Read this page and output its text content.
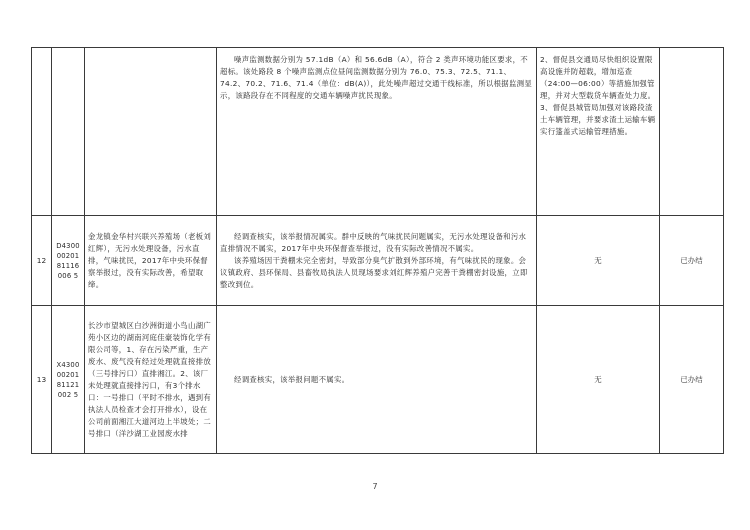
			噪声监测数据分别为 57.1dB（A）和 56.6dB（A），符合 2 类声环境功能区要求，不超标。该处路段 8 个噪声监测点位昼间监测数据分别为 76.0、75.3、72.5、71.1、74.2、70.2、71.6、71.4（单位：dB(A)），此处噪声超过交通干线标准，所以根据监测显示，该路段存在不同程度的交通车辆噪声扰民现象。	2、督促县交通局尽快组织设置限高设施并防超载，增加巡查（24:00—06:00）等措施加强管理，并对大型载货车辆查处力度。3、督促县城管局加强对该路段渣土车辆管理，并要求渣土运输车辆实行篷盖式运输管理措施。	

12	D43000020181116006 5	金龙镇金华村兴联兴养殖场（老板刘红辉），无污水处理设备，污水直排，气味扰民，2017年中央环保督察举报过，没有实际改善，希望取缔。	经调查核实，该举报情况属实。群中反映的气味扰民问题属实，无污水处理设备和污水直排情况不属实，2017年中央环保督查举报过，没有实际改善情况不属实。

该养殖场因干粪棚未完全密封，导致部分臭气扩散到外部环境，有气味扰民的现象。会议镇政府、县环保局、县畜牧局执法人员现场要求刘红辉养殖户完善干粪棚密封设施，立即整改到位。	无	已办结
13	X43000020181121002 5	长沙市望城区白沙洲街道小鸟山湖广苑小区边的湖南河庭佳豪装饰化学有限公司等，1、存在污染严重，生产废水、废气没有经过处理就直接排放（三号排污口）直排湘江。2、该厂未处理就直接排污口，有3个排水口：一号排口（平时不排水，遇到有执法人员检查才会打开排水），设在公司前面湘江大道河边上半坡处；二号排口（洋沙湖工业园废水排	经调查核实，该举报问题不属实。	无	已办结
7
